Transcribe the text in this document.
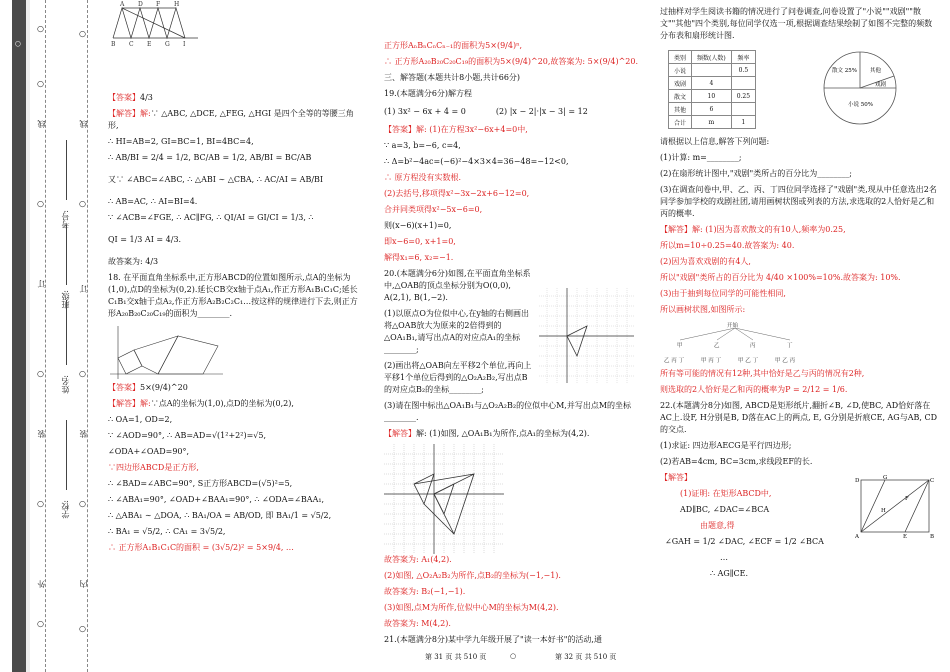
○
○
○
线
○
订
○
装
○
外
○
学校:
姓名:
班级:
考号:
○
线
○
订
○
装
○
内
○
A
B C
D
E
F
G
H
I
【答案】4/3
【解答】解:∵ △ABC, △DCE, △FEG, △HGI 是四个全等的等腰三角形,
∴ HI=AB=2, GI=BC=1, BI=4BC=4,
∴ AB/BI = 2/4 = 1/2, BC/AB = 1/2, AB/BI = BC/AB
又∵ ∠ABC=∠ABC, ∴ △ABI ∼ △CBA, ∴ AC/AI = AB/BI
∴ AB=AC, ∴ AI=BI=4.
∵ ∠ACB=∠FGE, ∴ AC∥FG, ∴ QI/AI = GI/CI = 1/3, ∴
QI = 1/3 AI = 4/3.
故答案为: 4/3
18. 在平面直角坐标系中,正方形ABCD的位置如图所示,点A的坐标为(1,0),点D的坐标为(0,2).延长CB交x轴于点A₁,作正方形A₁B₁C₁C;延长C₁B₁交x轴于点A₂,作正方形A₂B₂C₂C₁…按这样的规律进行下去,则正方形A₂₀B₂₀C₂₀C₁₉的面积为________.
【答案】5×(9/4)^20
【解答】解:∵点A的坐标为(1,0),点D的坐标为(0,2),
∴ OA=1, OD=2,
∵ ∠AOD=90°, ∴ AB=AD=√(1²+2²)=√5,
∠ODA+∠OAD=90°,
∵四边形ABCD是正方形,
∴ ∠BAD=∠ABC=90°, S正方形ABCD=(√5)²=5,
∴ ∠ABA₁=90°, ∠OAD+∠BAA₁=90°, ∴ ∠ODA=∠BAA₁,
∴ △ABA₁ ∼ △DOA, ∴ BA₁/OA = AB/OD, 即 BA₁/1 = √5/2,
∴ BA₁ = √5/2, ∴ CA₁ = 3√5/2,
∴ 正方形A₁B₁C₁C的面积 = (3√5/2)² = 5×9/4, …
正方形AₙBₙCₙCₙ₋₁的面积为5×(9/4)ⁿ,
∴ 正方形A₂₀B₂₀C₂₀C₁₉的面积为5×(9/4)^20,故答案为: 5×(9/4)^20.
三、解答题(本题共计8小题,共计66分)
19.(本题满分6分)解方程
(1) 3x² − 6x + 4 = 0	(2) |x − 2|·|x − 3| = 12
【答案】解: (1)在方程3x²−6x+4=0中,
∵ a=3, b=−6, c=4,
∴ Δ=b²−4ac=(−6)²−4×3×4=36−48=−12<0,
∴ 原方程没有实数根.
(2)去括号,移项得x²−3x−2x+6−12=0,
合并同类项得x²−5x−6=0,
则(x−6)(x+1)=0,
即x−6=0, x+1=0,
解得x₁=6, x₂=−1.
20.(本题满分6分)如图,在平面直角坐标系中,△OAB的顶点坐标分别为O(0,0), A(2,1), B(1,−2).
(1)以原点O为位似中心,在y轴的右侧画出将△OAB放大为原来的2倍得到的△OA₁B₁,请写出点A的对应点A₁的坐标________;
(2)画出将△OAB向左平移2个单位,再向上平移1个单位后得到的△O₂A₂B₂,写出点B的对应点B₂的坐标________;
(3)请在图中标出△OA₁B₁与△O₂A₂B₂的位似中心M,并写出点M的坐标________.
【解答】解: (1)如图, △OA₁B₁为所作,点A₁的坐标为(4,2).
故答案为: A₁(4,2).
(2)如图, △O₂A₂B₂为所作,点B₂的坐标为(−1,−1).
故答案为: B₂(−1,−1).
(3)如图,点M为所作,位似中心M的坐标为M(4,2).
故答案为: M(4,2).
21.(本题满分8分)某中学九年级开展了"读一本好书"的活动,通
过抽样对学生阅读书籍的情况进行了问卷调查,问卷设置了"小说""戏剧""散文""其他"四个类别,每位同学仅选一项,根据调查结果绘制了如图不完整的频数分布表和扇形统计图.
类别	频数(人数)	频率
小说		0.5
戏剧	4	
散文	10	0.25
其他	6	
合计	m	1
散文 25% 其他
戏剧
小说 50%
请根据以上信息,解答下列问题:
(1)计算: m=________;
(2)在扇形统计图中,"戏剧"类所占的百分比为________;
(3)在调查问卷中,甲、乙、丙、丁四位同学选择了"戏剧"类,现从中任意选出2名同学参加学校的戏剧社团,请用画树状图或列表的方法,求选取的2人恰好是乙和丙的概率.
【解答】解: (1)因为喜欢散文的有10人,频率为0.25,
所以m=10÷0.25=40.故答案为: 40.
(2)因为喜欢戏剧的有4人,
所以"戏剧"类所占的百分比为 4/40 ×100%=10%.故答案为: 10%.
(3)由于抽到每位同学的可能性相同,
所以画树状图,如图所示:
开始
甲	乙	丙	丁
乙 丙 丁	甲 丙 丁	甲 乙 丁	甲 乙 丙
所有等可能的情况有12种,其中恰好是乙与丙的情况有2种,
则选取的2人恰好是乙和丙的概率为P = 2/12 = 1/6.
22.(本题满分8分)如图, ABCD是矩形纸片,翻折∠B, ∠D,使BC, AD恰好落在AC上.设F, H分别是B, D落在AC上的两点, E, G分别是折痕CE, AG与AB, CD的交点.
(1)求证: 四边形AECG是平行四边形;
(2)若AB=4cm, BC=3cm,求线段EF的长.
【解答】
(1)证明: 在矩形ABCD中,
AD∥BC, ∠DAC=∠BCA
由题意,得
∠GAH = 1/2 ∠DAC, ∠ECF = 1/2 ∠BCA
…
∴ AG∥CE.
D	G	C
A	E	B
H
F
第 31 页 共 510 页	○	第 32 页 共 510 页
